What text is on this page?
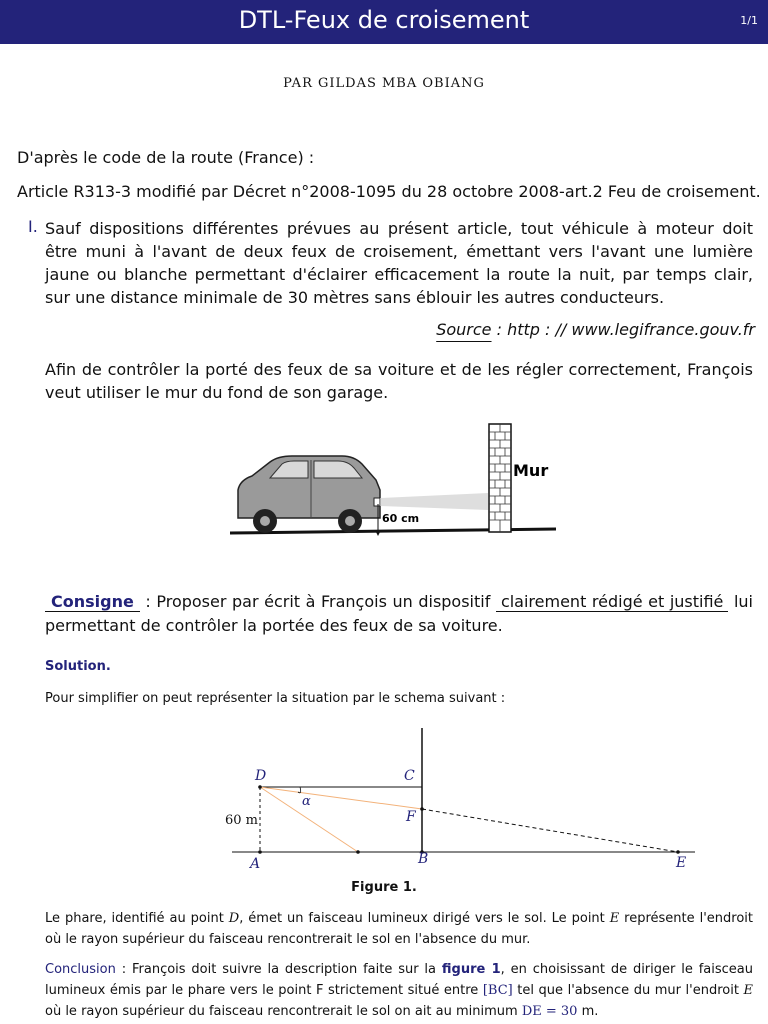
DTL-Feux de croisement	1/1
PAR GILDAS MBA OBIANG
D'après le code de la route (France) :
Article R313-3 modifié par Décret n°2008-1095 du 28 octobre 2008-art.2 Feu de croisement.
I. Sauf dispositions différentes prévues au présent article, tout véhicule à moteur doit être muni à l'avant de deux feux de croisement, émettant vers l'avant une lumière jaune ou blanche permettant d'éclairer efficacement la route la nuit, par temps clair, sur une distance minimale de 30 mètres sans éblouir les autres conducteurs.
Source : http : // www.legifrance.gouv.fr
Afin de contrôler la porté des feux de sa voiture et de les régler correctement, François veut utiliser le mur du fond de son garage.
60 cm
Mur
Consigne : Proposer par écrit à François un dispositif clairement rédigé et justifié lui permettant de contrôler la portée des feux de sa voiture.
Solution.
Pour simplifier on peut représenter la situation par le schema suivant :
D	C
F
A	B	E
α
60 m
Figure 1.
Le phare, identifié au point D, émet un faisceau lumineux dirigé vers le sol. Le point E représente l'endroit où le rayon supérieur du faisceau rencontrerait le sol en l'absence du mur.
Conclusion : François doit suivre la description faite sur la figure 1, en choisissant de diriger le faisceau lumineux émis par le phare vers le point F strictement situé entre [BC] tel que l'absence du mur l'endroit E où le rayon supérieur du faisceau rencontrerait le sol on ait au minimum DE = 30 m.
